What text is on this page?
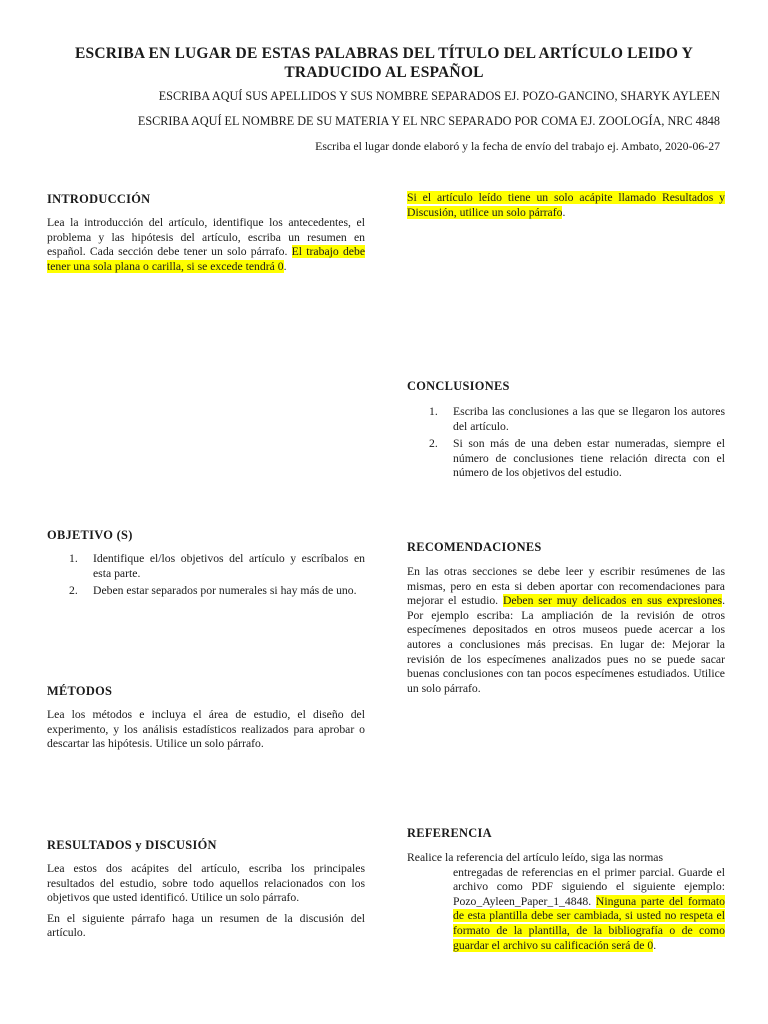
ESCRIBA EN LUGAR DE ESTAS PALABRAS DEL TÍTULO DEL ARTÍCULO LEIDO Y
TRADUCIDO AL ESPAÑOL
ESCRIBA AQUÍ SUS APELLIDOS Y SUS NOMBRE SEPARADOS EJ. POZO-GANCINO, SHARYK AYLEEN
ESCRIBA AQUÍ EL NOMBRE DE SU MATERIA Y EL NRC SEPARADO POR COMA EJ. ZOOLOGÍA, NRC 4848
Escriba el lugar donde elaboró y la fecha de envío del trabajo ej. Ambato, 2020-06-27
INTRODUCCIÓN

Lea la introducción del artículo, identifique los antecedentes, el problema y las hipótesis del artículo, escriba un resumen en español. Cada sección debe tener un solo párrafo. El trabajo debe tener una sola plana o carilla, si se excede tendrá 0.

OBJETIVO (S)
1. Identifique el/los objetivos del artículo y escríbalos en esta parte.
2. Deben estar separados por numerales si hay más de uno.
MÉTODOS

Lea los métodos e incluya el área de estudio, el diseño del experimento, y los análisis estadísticos realizados para aprobar o descartar las hipótesis. Utilice un solo párrafo.

RESULTADOS y DISCUSIÓN

Lea estos dos acápites del artículo, escriba los principales resultados del estudio, sobre todo aquellos relacionados con los objetivos que usted identificó. Utilice un solo párrafo.

En el siguiente párrafo haga un resumen de la discusión del artículo.

Si el artículo leído tiene un solo acápite llamado Resultados y Discusión, utilice un solo párrafo.

CONCLUSIONES
1. Escriba las conclusiones a las que se llegaron los autores del artículo.
2. Si son más de una deben estar numeradas, siempre el número de conclusiones tiene relación directa con el número de los objetivos del estudio.
RECOMENDACIONES

En las otras secciones se debe leer y escribir resúmenes de las mismas, pero en esta si deben aportar con recomendaciones para mejorar el estudio. Deben ser muy delicados en sus expresiones. Por ejemplo escriba: La ampliación de la revisión de otros especímenes depositados en otros museos puede acercar a los autores a conclusiones más precisas. En lugar de: Mejorar la revisión de los especímenes analizados pues no se puede sacar buenas conclusiones con tan pocos especímenes estudiados. Utilice un solo párrafo.

REFERENCIA
Realice la referencia del artículo leído, siga las normas
entregadas de referencias en el primer parcial. Guarde el archivo como PDF siguiendo el siguiente ejemplo: Pozo_Ayleen_Paper_1_4848. Ninguna parte del formato de esta plantilla debe ser cambiada, si usted no respeta el formato de la plantilla, de la bibliografía o de como guardar el archivo su calificación será de 0.
